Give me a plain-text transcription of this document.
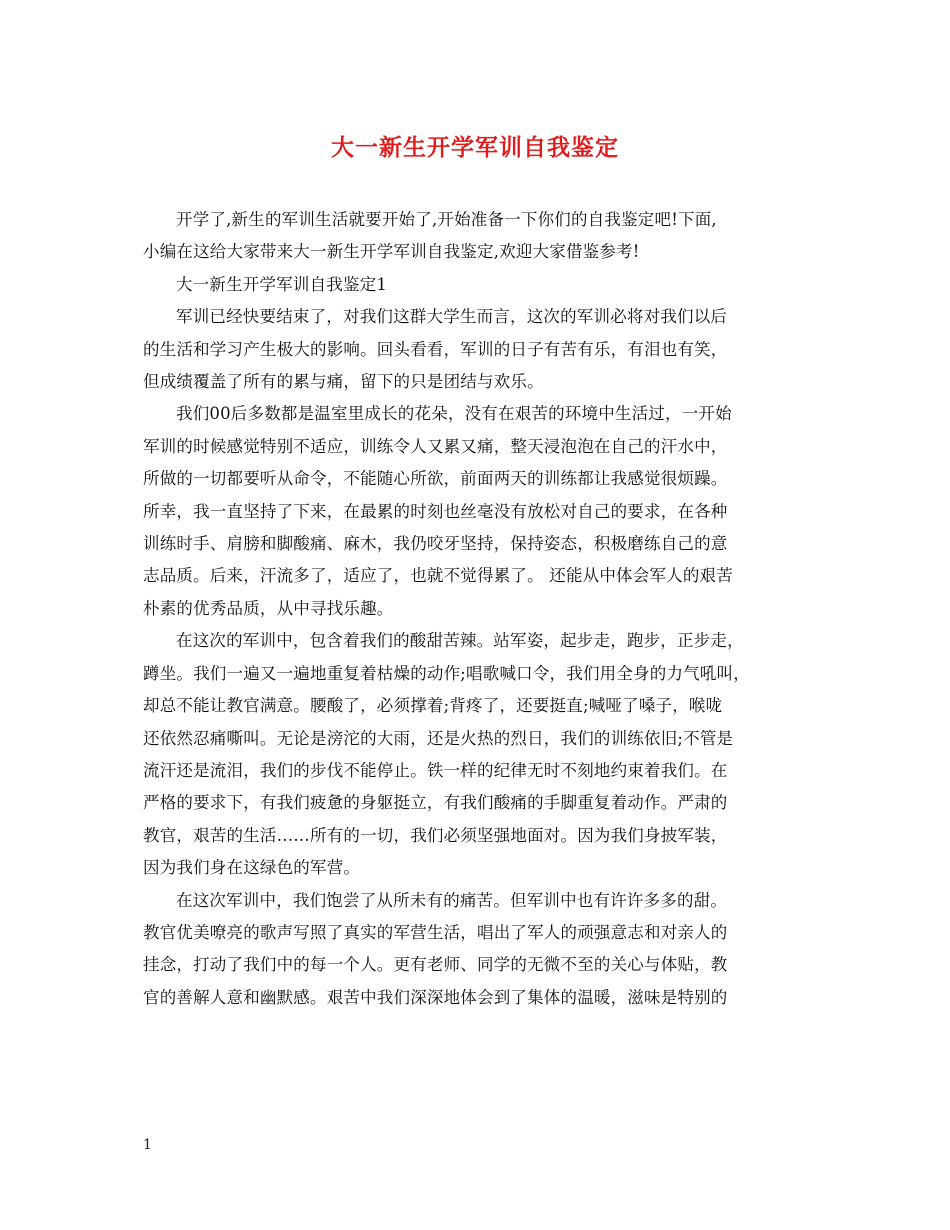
大一新生开学军训自我鉴定

开学了,新生的军训生活就要开始了,开始准备一下你们的自我鉴定吧!下面,
小编在这给大家带来大一新生开学军训自我鉴定,欢迎大家借鉴参考!

大一新生开学军训自我鉴定1

军训已经快要结束了，对我们这群大学生而言，这次的军训必将对我们以后
的生活和学习产生极大的影响。回头看看，军训的日子有苦有乐，有泪也有笑，
但成绩覆盖了所有的累与痛，留下的只是团结与欢乐。

我们00后多数都是温室里成长的花朵，没有在艰苦的环境中生活过，一开始
军训的时候感觉特别不适应，训练令人又累又痛，整天浸泡泡在自己的汗水中，
所做的一切都要听从命令，不能随心所欲，前面两天的训练都让我感觉很烦躁。
所幸，我一直坚持了下来，在最累的时刻也丝毫没有放松对自己的要求，在各种
训练时手、肩膀和脚酸痛、麻木，我仍咬牙坚持，保持姿态，积极磨练自己的意
志品质。后来，汗流多了，适应了，也就不觉得累了。 还能从中体会军人的艰苦
朴素的优秀品质，从中寻找乐趣。

在这次的军训中，包含着我们的酸甜苦辣。站军姿，起步走，跑步，正步走，
蹲坐。我们一遍又一遍地重复着枯燥的动作;唱歌喊口令，我们用全身的力气吼叫，
却总不能让教官满意。腰酸了，必须撑着;背疼了，还要挺直;喊哑了嗓子，喉咙
还依然忍痛嘶叫。无论是滂沱的大雨，还是火热的烈日，我们的训练依旧;不管是
流汗还是流泪，我们的步伐不能停止。铁一样的纪律无时不刻地约束着我们。在
严格的要求下，有我们疲惫的身躯挺立，有我们酸痛的手脚重复着动作。严肃的
教官，艰苦的生活……所有的一切，我们必须坚强地面对。因为我们身披军装，
因为我们身在这绿色的军营。

在这次军训中，我们饱尝了从所未有的痛苦。但军训中也有许许多多的甜。
教官优美嘹亮的歌声写照了真实的军营生活，唱出了军人的顽强意志和对亲人的
挂念，打动了我们中的每一个人。更有老师、同学的无微不至的关心与体贴，教
官的善解人意和幽默感。艰苦中我们深深地体会到了集体的温暖，滋味是特别的

1
